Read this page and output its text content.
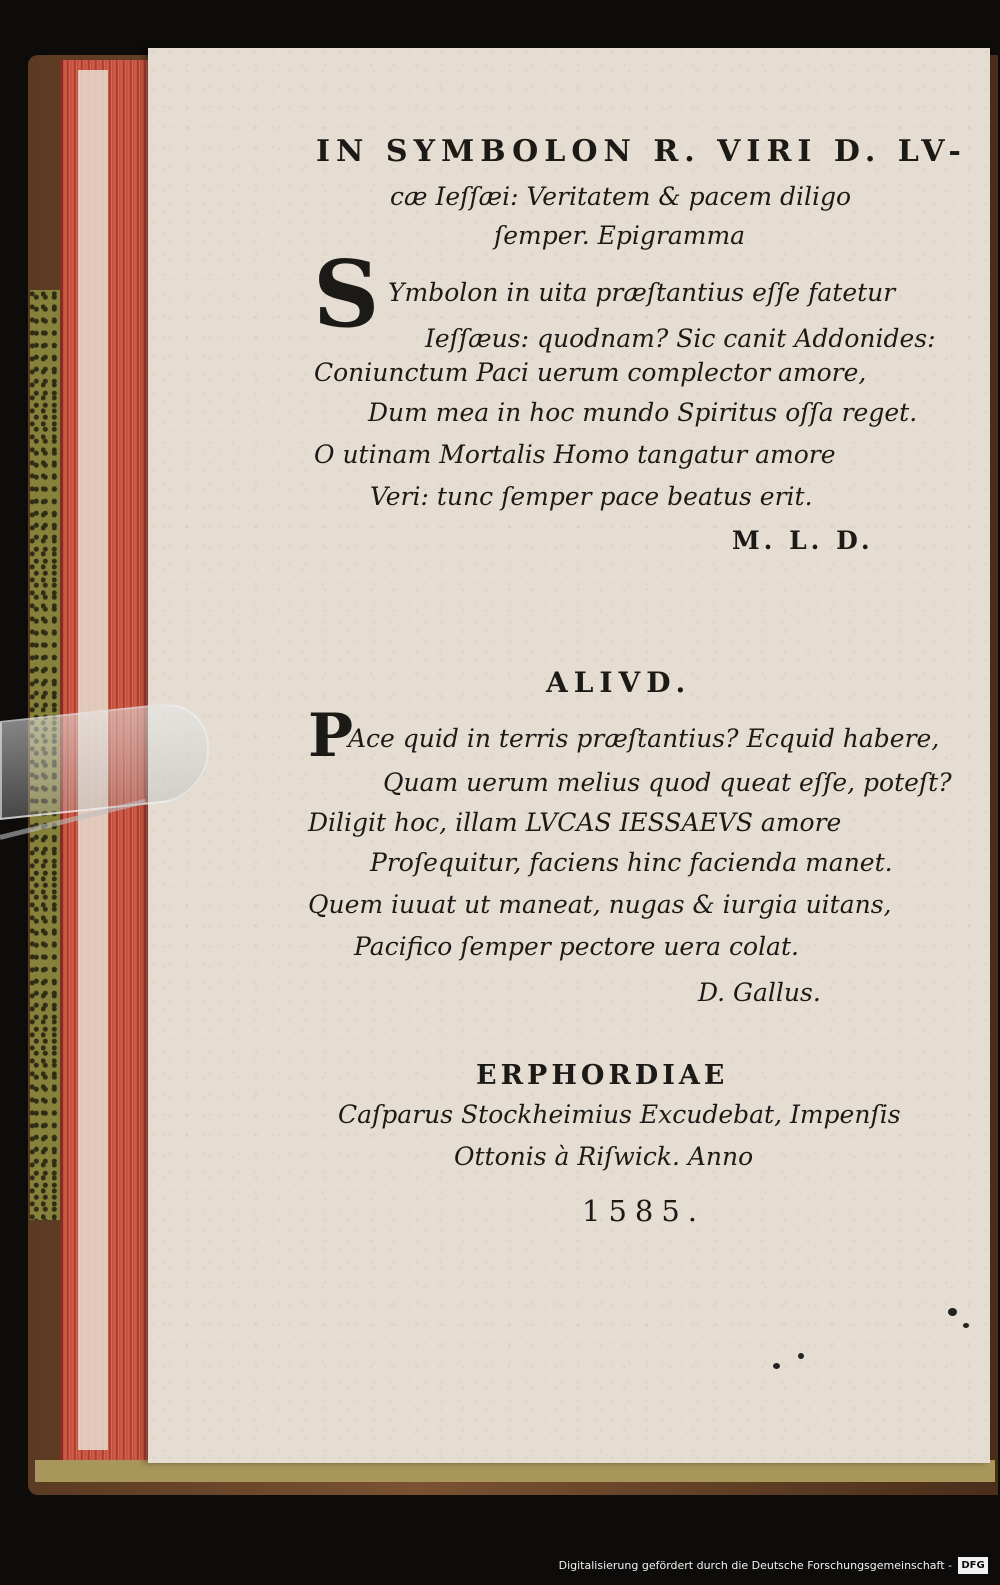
IN SYMBOLON R. VIRI D. LV-
cæ Ieſſæi: Veritatem & pacem diligo
ſemper. Epigramma
S Ymbolon in uita præſtantius eſſe fatetur
Ieſſæus: quodnam? Sic canit Addonides:
Coniunctum Paci uerum complector amore,
Dum mea in hoc mundo Spiritus oſſa reget.
O utinam Mortalis Homo tangatur amore
Veri: tunc ſemper pace beatus erit.
M. L. D.
ALIVD.
P
Ace quid in terris præſtantius? Ecquid habere,
Quam uerum melius quod queat eſſe, poteſt?
Diligit hoc, illam LVCAS IESSAEVS amore
Proſequitur, faciens hinc facienda manet.
Quem iuuat ut maneat, nugas & iurgia uitans,
Pacifico ſemper pectore uera colat.
D. Gallus.
ERPHORDIAE
Caſparus Stockheimius Excudebat, Impenſis
Ottonis à Riſwick. Anno
1585.
Digitalisierung gefördert durch die Deutsche Forschungsgemeinschaft - DFG
